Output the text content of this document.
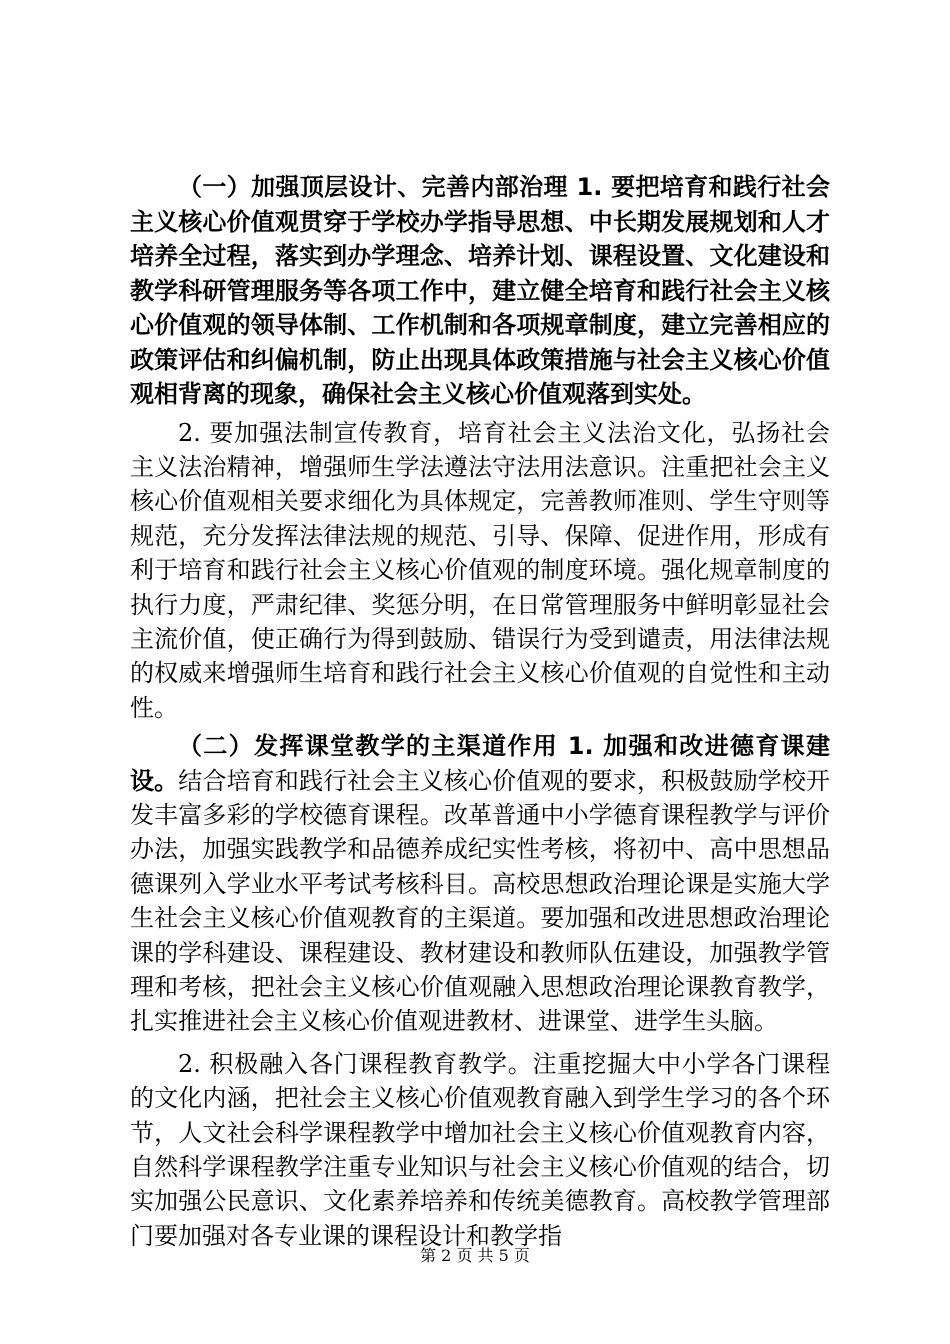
（一）加强顶层设计、完善内部治理 1. 要把培育和践行社会主义核心价值观贯穿于学校办学指导思想、中长期发展规划和人才培养全过程，落实到办学理念、培养计划、课程设置、文化建设和教学科研管理服务等各项工作中，建立健全培育和践行社会主义核心价值观的领导体制、工作机制和各项规章制度，建立完善相应的政策评估和纠偏机制，防止出现具体政策措施与社会主义核心价值观相背离的现象，确保社会主义核心价值观落到实处。

2. 要加强法制宣传教育，培育社会主义法治文化，弘扬社会主义法治精神，增强师生学法遵法守法用法意识。注重把社会主义核心价值观相关要求细化为具体规定，完善教师准则、学生守则等规范，充分发挥法律法规的规范、引导、保障、促进作用，形成有利于培育和践行社会主义核心价值观的制度环境。强化规章制度的执行力度，严肃纪律、奖惩分明，在日常管理服务中鲜明彰显社会主流价值，使正确行为得到鼓励、错误行为受到谴责，用法律法规的权威来增强师生培育和践行社会主义核心价值观的自觉性和主动性。

（二）发挥课堂教学的主渠道作用 1. 加强和改进德育课建设。结合培育和践行社会主义核心价值观的要求，积极鼓励学校开发丰富多彩的学校德育课程。改革普通中小学德育课程教学与评价办法，加强实践教学和品德养成纪实性考核，将初中、高中思想品德课列入学业水平考试考核科目。高校思想政治理论课是实施大学生社会主义核心价值观教育的主渠道。要加强和改进思想政治理论课的学科建设、课程建设、教材建设和教师队伍建设，加强教学管理和考核，把社会主义核心价值观融入思想政治理论课教育教学，扎实推进社会主义核心价值观进教材、进课堂、进学生头脑。

2. 积极融入各门课程教育教学。注重挖掘大中小学各门课程的文化内涵，把社会主义核心价值观教育融入到学生学习的各个环节，人文社会科学课程教学中增加社会主义核心价值观教育内容，自然科学课程教学注重专业知识与社会主义核心价值观的结合，切实加强公民意识、文化素养培养和传统美德教育。高校教学管理部门要加强对各专业课的课程设计和教学指

第 2 页 共 5 页
